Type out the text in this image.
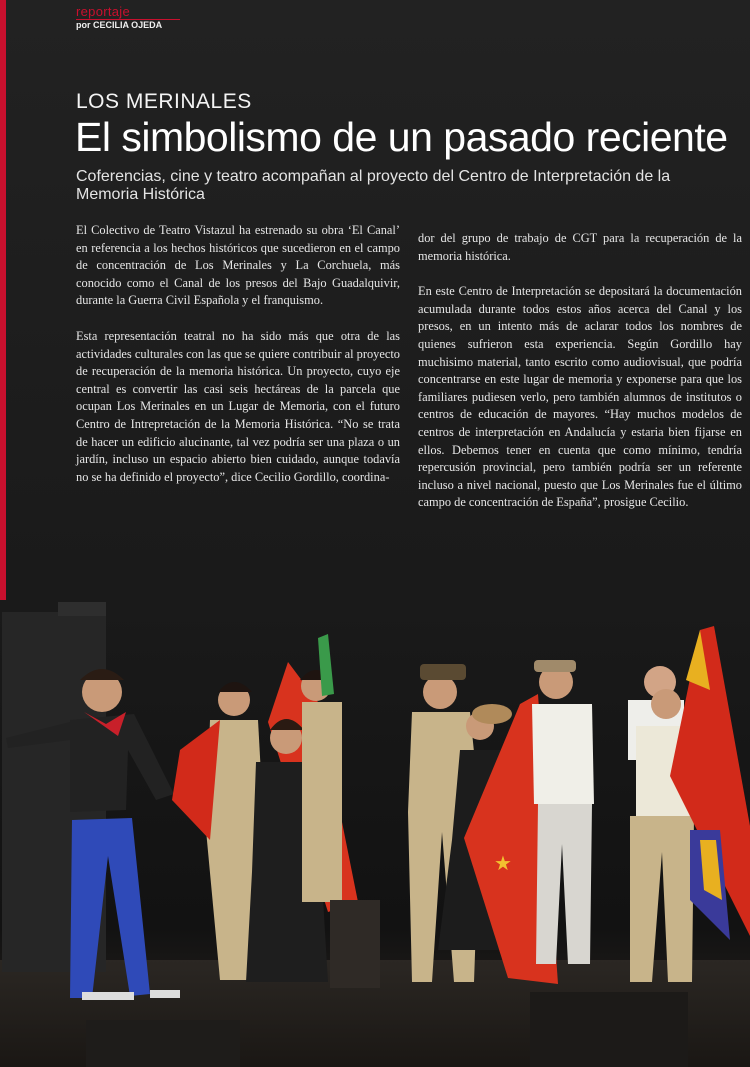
reportaje
por CECILIA OJEDA
LOS MERINALES
El simbolismo de un pasado reciente
Coferencias, cine y teatro acompañan al proyecto del Centro de Interpretación de la Memoria Histórica

El Colectivo de Teatro Vistazul ha estrenado su obra ‘El Canal’ en referencia a los hechos históricos que sucedieron en el campo de concentración de Los Merinales y La Corchuela, más conocido como el Canal de los presos del Bajo Guadalquivir, durante la Guerra Civil Española y el franquismo.

Esta representación teatral no ha sido más que otra de las actividades culturales con las que se quiere contribuir al proyecto de recuperación de la memoria histórica. Un proyecto, cuyo eje central es convertir las casi seis hectáreas de la parcela que ocupan Los Merinales en un Lugar de Memoria, con el futuro Centro de Intrepretación de la Memoria Histórica. “No se trata de hacer un edificio alucinante, tal vez podría ser una plaza o un jardín, incluso un espacio abierto bien cuidado, aunque todavía no se ha definido el proyecto”, dice Cecilio Gordillo, coordina-

dor del grupo de trabajo de CGT para la recuperación de la memoria histórica.

En este Centro de Interpretación se depositará la documentación acumulada durante todos estos años acerca del Canal y los presos, en un intento más de aclarar todos los nombres de quienes sufrieron esta experiencia. Según Gordillo hay muchisimo material, tanto escrito como audiovisual, que podría concentrarse en este lugar de memoria y exponerse para que los familiares pudiesen verlo, pero también alumnos de institutos o centros de educación de mayores. “Hay muchos modelos de centros de interpretación en Andalucía y estaria bien fijarse en ellos. Debemos tener en cuenta que como mínimo, tendría repercusión provincial, pero también podría ser un referente incluso a nivel nacional, puesto que Los Merinales fue el último campo de concentración de España”, prosigue Cecilio.

★
